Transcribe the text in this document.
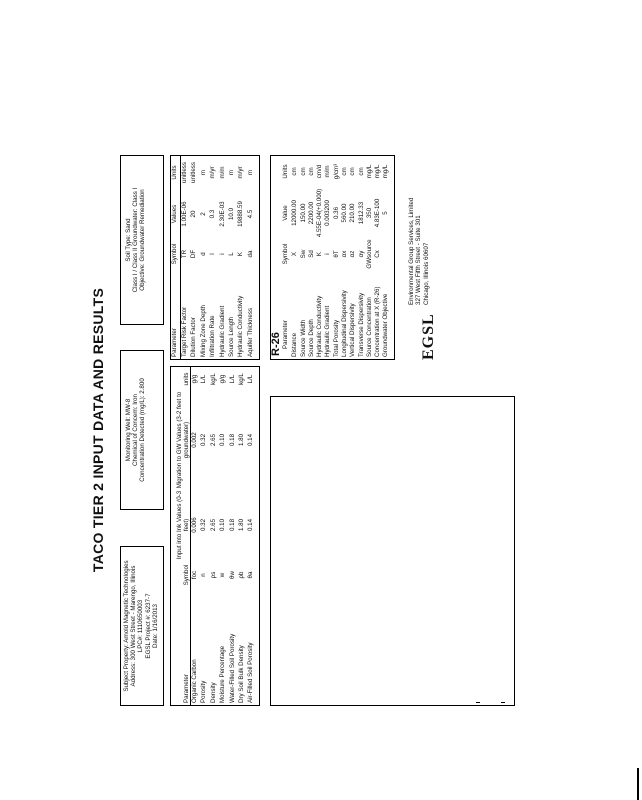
TACO TIER 2 INPUT DATA AND RESULTS
Subject Property: Arnold Magnetic Technologies Address: 300 West Street - Marengo, Illinois LPC#: 1110650003 EGSL Project #: 6237-7 Date: 1/16/2013
Monitoring Well: MW-8 Chemical of Concern: Iron Concentration Detected (mg/L): 2.800
Soil Type: Sand Class I / Class II Groundwater: Class I Objective: Groundwater Remediation
Parameter
Symbol
Input into Ink Values (0-3 feet)
Migration to GW Values (3-2 feet to groundwater)
units
Organic Carbon
foc
0.006
0.002
g/g
Porosity
n
0.32
0.32
L/L
Density
ρs
2.65
2.65
kg/L
Moisture Percentage
w
0.10
0.10
g/g
Water-Filled Soil Porosity
θw
0.18
0.18
L/L
Dry Soil Bulk Density
ρb
1.80
1.80
kg/L
Air-Filled Soil Porosity
θa
0.14
0.14
L/L
Parameter
Symbol
Values
Units
Target Risk Factor
TR
1.00E-06
unitless
Dilution Factor
DF
20
unitless
Mixing Zone Depth
d
2
m
Infiltration Rate
I
0.3
m/yr
Hydraulic Gradient
i
2.30E-03
m/m
Source Length
L
10.0
m
Hydraulic Conductivity
K
19888.59
m/yr
Aquifer Thickness
da
4.5
m
R-26 Parameter
Symbol
Value
Units
Distance
X
12000.00
cm
Source Width
Sw
150.00
cm
Source Depth
Sd
2200.00
cm
Hydraulic Conductivity
K
4.55E-04(+0.000)
cm/d
Hydraulic Gradient
i
0.003200
m/m
Total Porosity
θT
0.36
g/cm³
Longitudinal Dispersivity
αx
560.00
cm
Vertical Dispersivity
αz
210.00
cm
Transverse Dispersivity
αy
1812.33
cm
Source Concentration
GWsource
350
mg/L
Concentration at X (R-26)
Cx
4.83E-100
mg/L
Groundwater Objective
5
mg/L
EGSL
Environmental Group Services, Limited 327 West Fifth Street - Suite 301 Chicago, Illinois 60607
